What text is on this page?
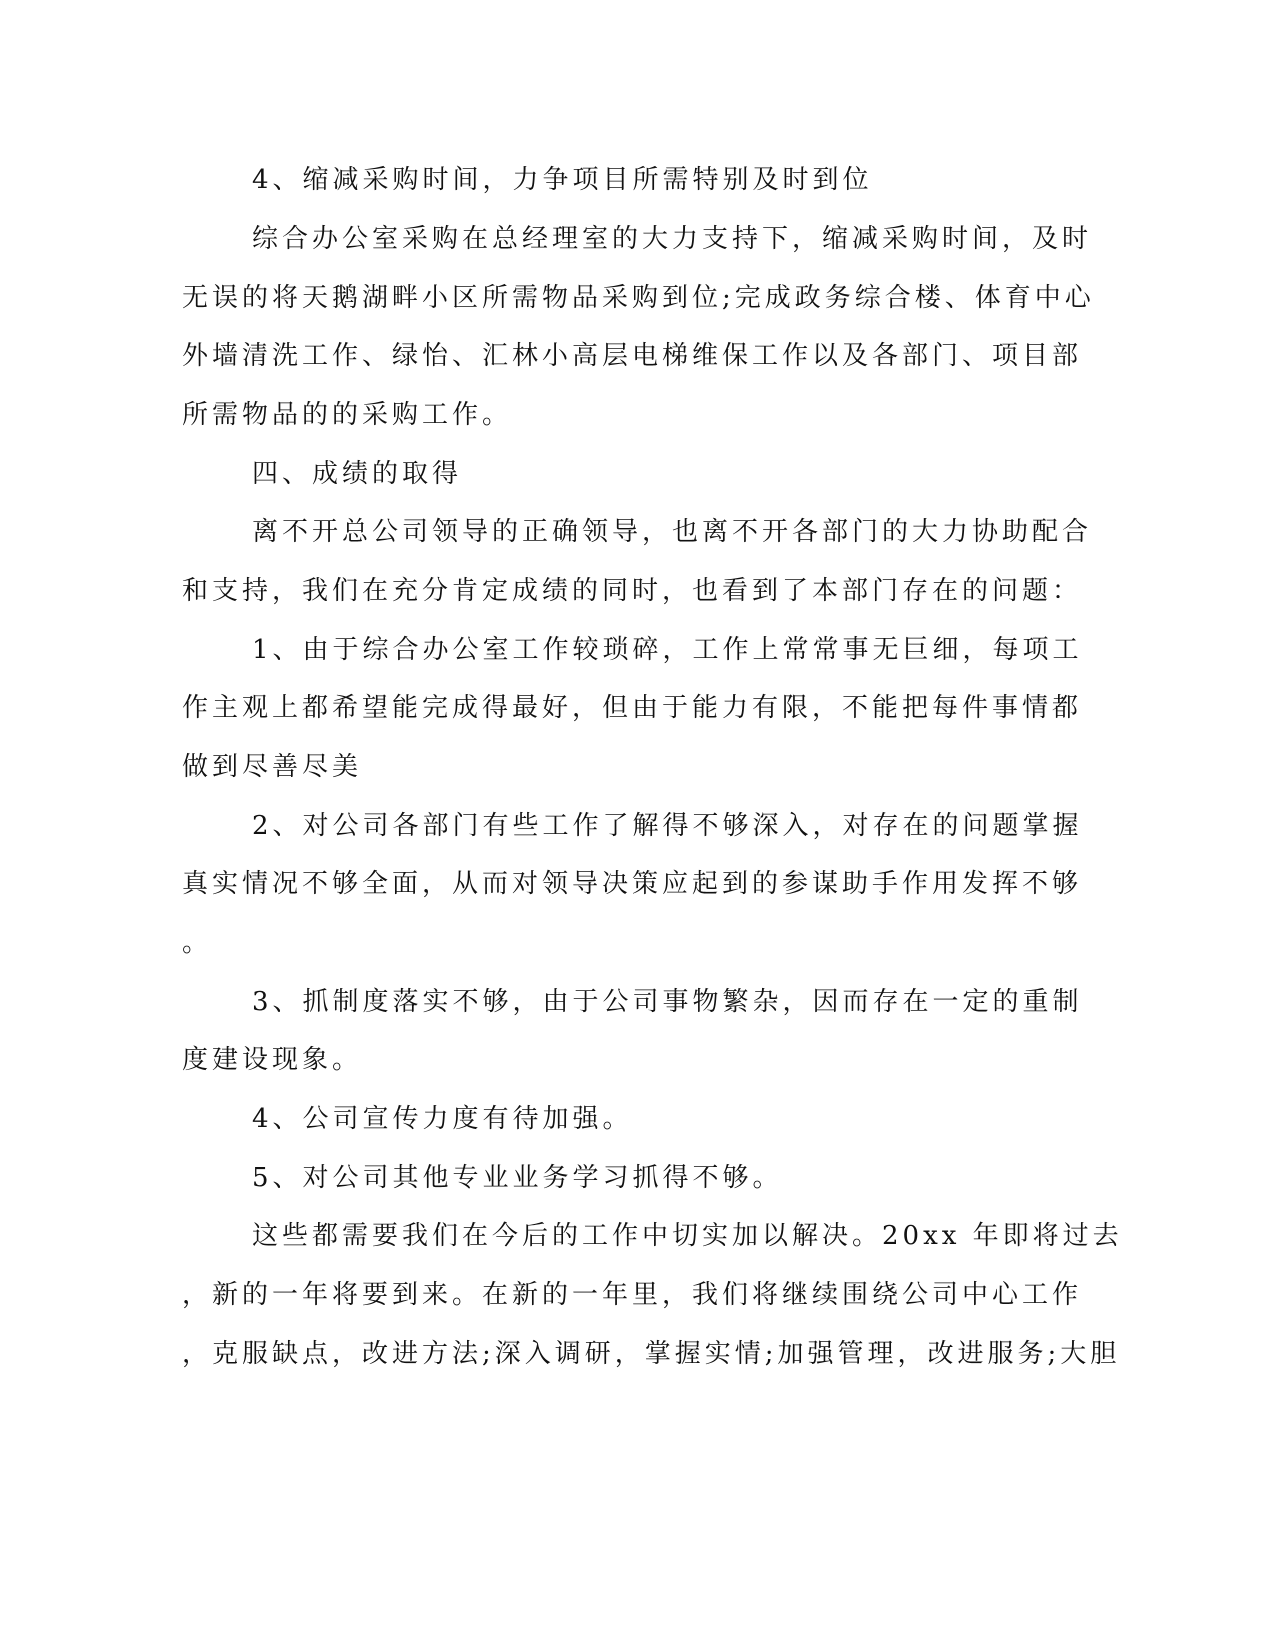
4、缩减采购时间，力争项目所需特别及时到位
综合办公室采购在总经理室的大力支持下，缩减采购时间，及时
无误的将天鹅湖畔小区所需物品采购到位;完成政务综合楼、体育中心
外墙清洗工作、绿怡、汇林小高层电梯维保工作以及各部门、项目部
所需物品的的采购工作。
四、成绩的取得
离不开总公司领导的正确领导，也离不开各部门的大力协助配合
和支持，我们在充分肯定成绩的同时，也看到了本部门存在的问题：
1、由于综合办公室工作较琐碎，工作上常常事无巨细，每项工
作主观上都希望能完成得最好，但由于能力有限，不能把每件事情都
做到尽善尽美
2、对公司各部门有些工作了解得不够深入，对存在的问题掌握
真实情况不够全面，从而对领导决策应起到的参谋助手作用发挥不够
。
3、抓制度落实不够，由于公司事物繁杂，因而存在一定的重制
度建设现象。
4、公司宣传力度有待加强。
5、对公司其他专业业务学习抓得不够。
这些都需要我们在今后的工作中切实加以解决。20xx 年即将过去
，新的一年将要到来。在新的一年里，我们将继续围绕公司中心工作
，克服缺点，改进方法;深入调研，掌握实情;加强管理，改进服务;大胆
